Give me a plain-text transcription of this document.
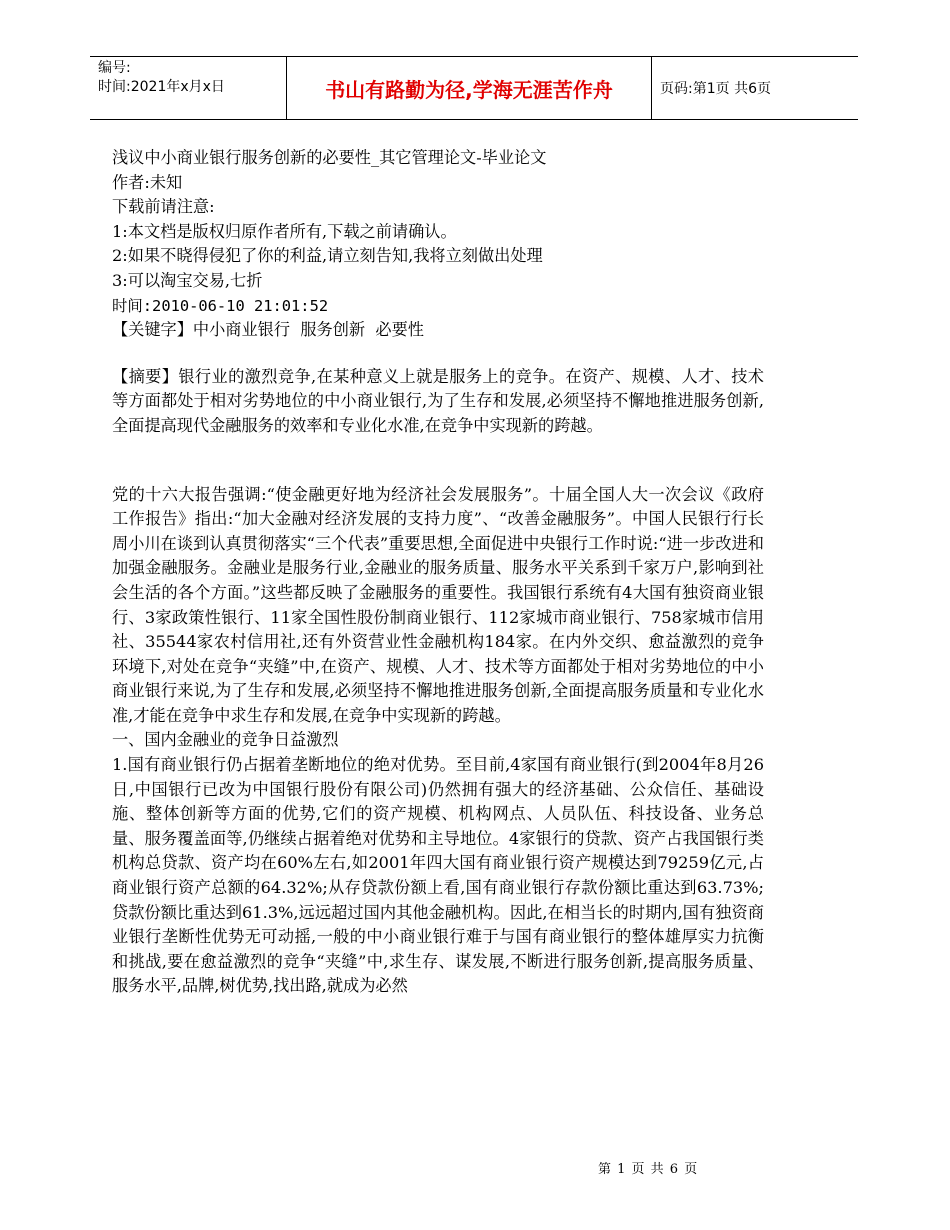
编号:
时间:2021年x月x日	书山有路勤为径,学海无涯苦作舟	页码:第1页 共6页

浅议中小商业银行服务创新的必要性_其它管理论文-毕业论文

作者:未知

下载前请注意:

1:本文档是版权归原作者所有,下载之前请确认。

2:如果不晓得侵犯了你的利益,请立刻告知,我将立刻做出处理

3:可以淘宝交易,七折

时间:2010-06-10 21:01:52

【关键字】中小商业银行  服务创新  必要性

【摘要】银行业的激烈竞争,在某种意义上就是服务上的竞争。在资产、规模、人才、技术等方面都处于相对劣势地位的中小商业银行,为了生存和发展,必须坚持不懈地推进服务创新,全面提高现代金融服务的效率和专业化水准,在竞争中实现新的跨越。

党的十六大报告强调:“使金融更好地为经济社会发展服务”。十届全国人大一次会议《政府工作报告》指出:“加大金融对经济发展的支持力度”、“改善金融服务”。中国人民银行行长周小川在谈到认真贯彻落实“三个代表”重要思想,全面促进中央银行工作时说:“进一步改进和加强金融服务。金融业是服务行业,金融业的服务质量、服务水平关系到千家万户,影响到社会生活的各个方面。”这些都反映了金融服务的重要性。我国银行系统有4大国有独资商业银行、3家政策性银行、11家全国性股份制商业银行、112家城市商业银行、758家城市信用社、35544家农村信用社,还有外资营业性金融机构184家。在内外交织、愈益激烈的竞争环境下,对处在竞争“夹缝”中,在资产、规模、人才、技术等方面都处于相对劣势地位的中小商业银行来说,为了生存和发展,必须坚持不懈地推进服务创新,全面提高服务质量和专业化水准,才能在竞争中求生存和发展,在竞争中实现新的跨越。

一、国内金融业的竞争日益激烈

1.国有商业银行仍占据着垄断地位的绝对优势。至目前,4家国有商业银行(到2004年8月26日,中国银行已改为中国银行股份有限公司)仍然拥有强大的经济基础、公众信任、基础设施、整体创新等方面的优势,它们的资产规模、机构网点、人员队伍、科技设备、业务总量、服务覆盖面等,仍继续占据着绝对优势和主导地位。4家银行的贷款、资产占我国银行类机构总贷款、资产均在60%左右,如2001年四大国有商业银行资产规模达到79259亿元,占商业银行资产总额的64.32%;从存贷款份额上看,国有商业银行存款份额比重达到63.73%;贷款份额比重达到61.3%,远远超过国内其他金融机构。因此,在相当长的时期内,国有独资商业银行垄断性优势无可动摇,一般的中小商业银行难于与国有商业银行的整体雄厚实力抗衡和挑战,要在愈益激烈的竞争“夹缝”中,求生存、谋发展,不断进行服务创新,提高服务质量、服务水平,品牌,树优势,找出路,就成为必然

第 1 页 共 6 页
